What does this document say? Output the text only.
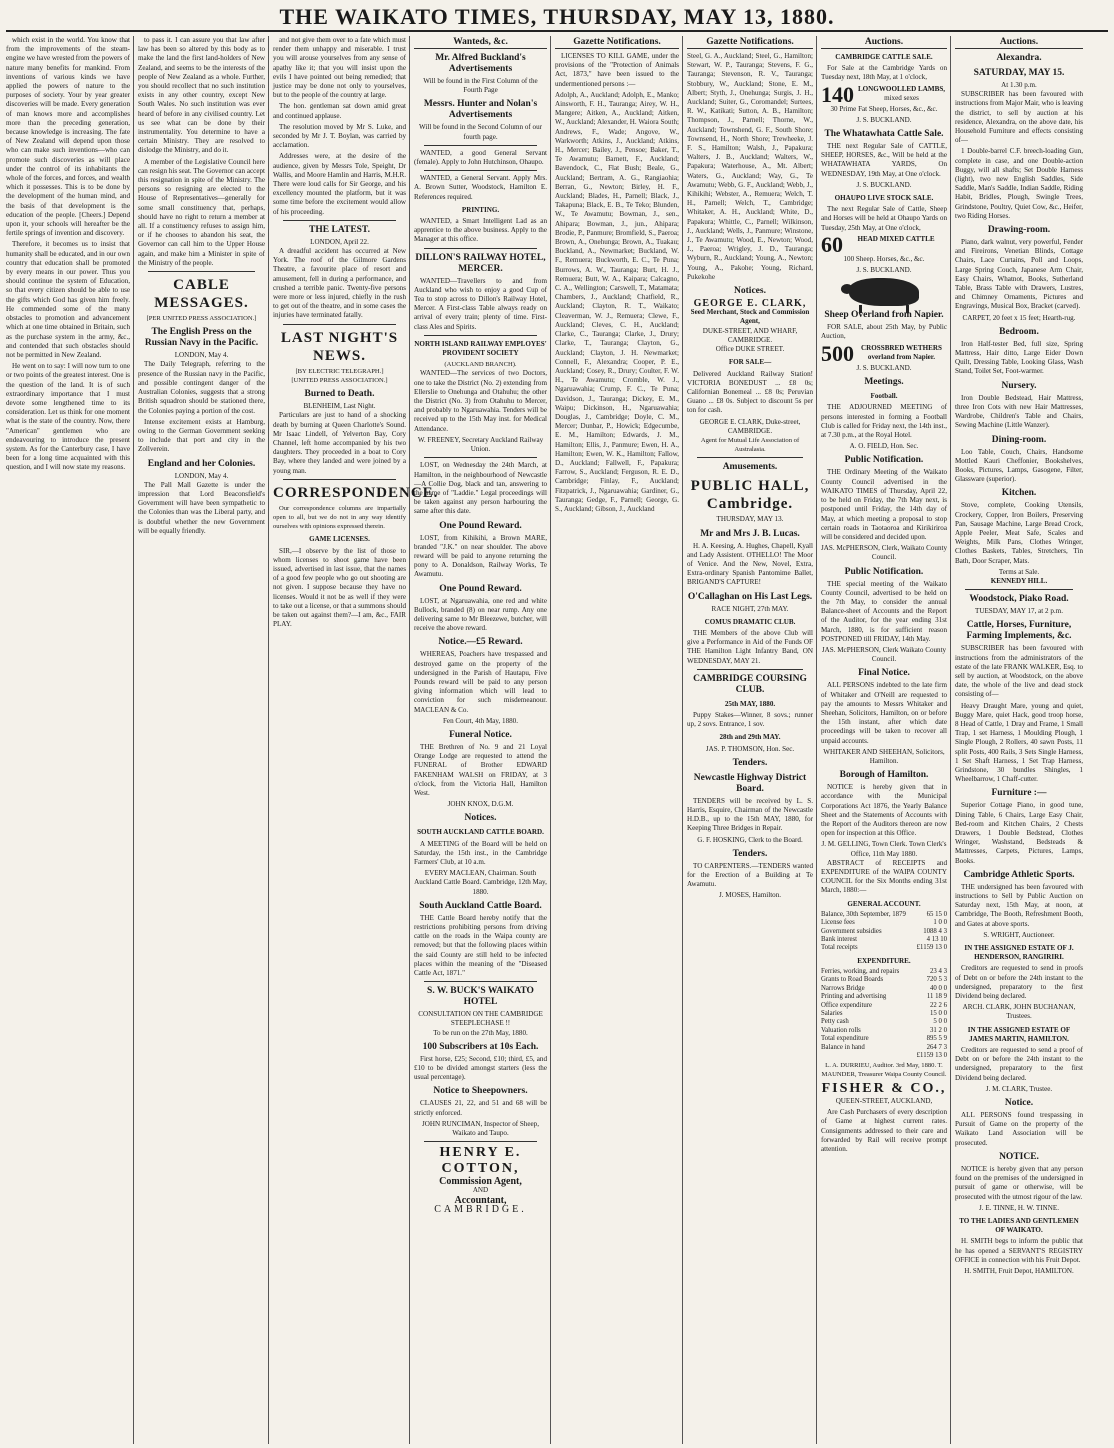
THE WAIKATO TIMES, THURSDAY, MAY 13, 1880.

which exist in the world. You know that from the improvements of the steam-engine we have wrested from the powers of nature many benefits for mankind. From inventions of various kinds we have applied the powers of nature to the purposes of society. Your by year greater discoveries will be made. Every generation of man knows more and accomplishes more than the preceding generation, because knowledge is increasing. The fate of New Zealand will depend upon those who can make such inventions—who can promote such discoveries as will place under the control of its inhabitants the whole of the forces, and forces, and wealth which it possesses. This is to be done by the development of the human mind, and the basis of that development is the education of the people. [Cheers.] Depend upon it, your schools will hereafter be the fertile springs of invention and discovery.

Therefore, it becomes us to insist that humanity shall be educated, and in our own country that education shall be promoted by every means in our power. Thus you should continue the system of Education, so that every citizen should be able to use the gifts which God has given him freely. He commended some of the many obstacles to promotion and advancement which at one time obtained in Britain, such as the purchase system in the army, &c., and contended that such obstacles should not be permitted in New Zealand.

He went on to say: I will now turn to one or two points of the greatest interest. One is the question of the land. It is of such extraordinary importance that I must devote some lengthened time to its consideration. Let us think for one moment what is the state of the country. Now, there "American" gentlemen who are endeavouring to introduce the present system. As for the Canterbury case, I have been for a long time acquainted with this question, and I will now state my reasons.

to pass it. I can assure you that law after law has been so altered by this body as to make the land the first land-holders of New Zealand, and seems to be the interests of the people of New Zealand as a whole. Further, you should recollect that no such institution exists in any other country, except New South Wales. No such institution was ever heard of before in any civilised country. Let us see what can be done by their instrumentality. You determine to have a certain Ministry. They are resolved to dislodge the Ministry, and do it.

A member of the Legislative Council here can resign his seat. The Governor can accept this resignation in spite of the Ministry. The persons so resigning are elected to the House of Representatives—generally for some small constituency that, perhaps, should have no right to return a member at all. If a constituency refuses to assign him, or if he chooses to abandon his seat, the Governor can call him to the Upper House again, and make him a Minister in spite of the Ministry of the people.

CABLE MESSAGES.
[PER UNITED PRESS ASSOCIATION.]
The English Press on the Russian Navy in the Pacific.
LONDON, May 4.

The Daily Telegraph, referring to the presence of the Russian navy in the Pacific, and possible contingent danger of the Australian Colonies, suggests that a strong British squadron should be stationed there, the Colonies paying a portion of the cost.

Intense excitement exists at Hamburg, owing to the German Government seeking to include that port and city in the Zollverein.

England and her Colonies.
LONDON, May 4.

The Pall Mall Gazette is under the impression that Lord Beaconsfield's Government will have been sympathetic to the Colonies than was the Liberal party, and is doubtful whether the new Government will be equally friendly.

and not give them over to a fate which must render them unhappy and miserable. I trust you will arouse yourselves from any sense of apathy like it; that you will insist upon the evils I have pointed out being remedied; that justice may be done not only to yourselves, but to the people of the country at large.

The hon. gentleman sat down amid great and continued applause.

The resolution moved by Mr S. Luke, and seconded by Mr J. T. Boylan, was carried by acclamation.

Addresses were, at the desire of the audience, given by Messrs Tole, Speight, Dr Wallis, and Moore Hamlin and Harris, M.H.R. There were loud calls for Sir George, and his excellency mounted the platform, but it was some time before the excitement would allow of his proceeding.

THE LATEST.
LONDON, April 22.

A dreadful accident has occurred at New York. The roof of the Gilmore Gardens Theatre, a favourite place of resort and amusement, fell in during a performance, and crushed a terrible panic. Twenty-five persons were more or less injured, chiefly in the rush to get out of the theatre, and in some cases the injuries have terminated fatally.

LAST NIGHT'S NEWS.
[BY ELECTRIC TELEGRAPH.]
[UNITED PRESS ASSOCIATION.]
Burned to Death.
BLENHEIM, Last Night.

Particulars are just to hand of a shocking death by burning at Queen Charlotte's Sound. Mr Isaac Lindell, of Yelverton Bay, Cory Channel, left home accompanied by his two daughters. They proceeded in a boat to Cory Bay, where they landed and were joined by a young man.

CORRESPONDENCE.

Our correspondence columns are impartially open to all, but we do not in any way identify ourselves with opinions expressed therein.

GAME LICENSES.

SIR,—I observe by the list of those to whom licenses to shoot game have been issued, advertised in last issue, that the names of a good few people who go out shooting are not given. I suppose because they have no licenses. Would it not be as well if they were to take out a license, or that a summons should be taken out against them?—I am, &c., FAIR PLAY.

Wanteds, &c.
Mr. Alfred Buckland's Advertisements
Will be found in the First Column of the Fourth Page
Messrs. Hunter and Nolan's Advertisements
Will be found in the Second Column of our fourth page.

WANTED, a good General Servant (female). Apply to John Hutchinson, Ohaupo.

WANTED, a General Servant. Apply Mrs. A. Brown Sutter, Woodstock, Hamilton E. References required.

PRINTING.

WANTED, a Smart Intelligent Lad as an apprentice to the above business. Apply to the Manager at this office.

DILLON'S RAILWAY HOTEL, MERCER.

WANTED—Travellers to and from Auckland who wish to enjoy a good Cup of Tea to stop across to Dillon's Railway Hotel, Mercer. A First-class Table always ready on arrival of every train; plenty of time. First-class Ales and Spirits.

NORTH ISLAND RAILWAY EMPLOYES' PROVIDENT SOCIETY
(AUCKLAND BRANCH).

WANTED—The services of two Doctors, one to take the District (No. 2) extending from Ellerslie to Onehunga and Otahuhu; the other the District (No. 3) from Otahuhu to Mercer, and probably to Ngaruawahia. Tenders will be received up to the 15th May inst. for Medical Attendance.

W. FREENEY, Secretary Auckland Railway Union.

LOST, on Wednesday the 24th March, at Hamilton, in the neighbourhood of Newcastle—A Collie Dog, black and tan, answering to the name of "Laddie." Legal proceedings will be taken against any person harbouring the same after this date.

One Pound Reward.

LOST, from Kihikihi, a Brown MARE, branded "J.K." on near shoulder. The above reward will be paid to anyone returning the pony to A. Donaldson, Railway Works, Te Awamutu.

One Pound Reward.

LOST, at Ngaruawahia, one red and white Bullock, branded (8) on near rump. Any one delivering same to Mr Bleezewe, butcher, will receive the above reward.

Notice.—£5 Reward.

WHEREAS, Poachers have trespassed and destroyed game on the property of the undersigned in the Parish of Hautapu, Five Pounds reward will be paid to any person giving information which will lead to conviction for such misdemeanour. MACLEAN & Co.

Fen Court, 4th May, 1880.
Funeral Notice.

THE Brethren of No. 9 and 21 Loyal Orange Lodge are requested to attend the FUNERAL of Brother EDWARD FAKENHAM WALSH on FRIDAY, at 3 o'clock, from the Victoria Hall, Hamilton West.

JOHN KNOX, D.G.M.
Notices.
SOUTH AUCKLAND CATTLE BOARD.

A MEETING of the Board will be held on Saturday, the 15th inst., in the Cambridge Farmers' Club, at 10 a.m.

EVERY MACLEAN, Chairman. South Auckland Cattle Board. Cambridge, 12th May, 1880.
South Auckland Cattle Board.

THE Cattle Board hereby notify that the restrictions prohibiting persons from driving cattle on the roads in the Waipa county are removed; but that the following places within the said County are still held to be infected places within the meaning of the "Diseased Cattle Act, 1871."

S. W. BUCK'S WAIKATO HOTEL
CONSULTATION ON THE CAMBRIDGE STEEPLECHASE !!
To be run on the 27th May, 1880.
100 Subscribers at 10s Each.

First horse, £25; Second, £10; third, £5, and £10 to be divided amongst starters (less the usual percentage).

Notice to Sheepowners.

CLAUSES 21, 22, and 51 and 68 will be strictly enforced.

JOHN RUNCIMAN, Inspector of Sheep, Waikato and Taupo.
HENRY E. COTTON,
Commission Agent,
AND
Accountant,
CAMBRIDGE.
Gazette Notifications.

LICENSES TO KILL GAME, under the provisions of the "Protection of Animals Act, 1873," have been issued to the undermentioned persons :—

Adolph, A., Auckland; Adolph, E., Manko; Ainsworth, F. H., Tauranga; Airey, W. H., Mangere; Aitken, A., Auckland; Aitken, W., Auckland; Alexander, H. Waiora South; Andrews, F., Wade; Angove, W., Warkworth; Atkins, J., Auckland; Atkins, H., Mercer; Bailey, J., Pensoe; Baker, T., Te Awamutu; Barnett, F., Auckland; Bavendock, C., Flat Bush; Beale, G., Auckland; Bertram, A. G., Rangiaohia; Berran, G., Newton; Birley, H. F., Auckland; Blades, H., Parnell; Black, J., Takapuna; Black, E. B., Te Teko; Blunden, W., Te Awamutu; Bowman, J., sen., Ahipara; Bowman, J., jun., Ahipara; Brodie, P., Panmure; Bromfield, S., Paeroa; Brown, A., Onehunga; Brown, A., Tuakau; Buckland, A., Newmarket; Buckland, W. F., Remuera; Buckworth, E. C., Te Puna; Burrows, A. W., Tauranga; Burt, H. J., Remuera; Butt, W. A., Kaipara; Calcagno, C. A., Wellington; Carswell, T., Matamata; Chambers, J., Auckland; Chatfield, R., Auckland; Clayton, R. T., Waikato; Cleaverman, W. J., Remuera; Clewe, F., Auckland; Cleves, C. H., Auckland; Clarke, C., Tauranga; Clarke, J., Drury; Clarke, T., Tauranga; Clayton, G., Auckland; Clayton, J. H. Newmarket; Connell, F., Alexandra; Cooper, P. E., Auckland; Cosey, R., Drury; Coulter, F. W. H., Te Awamutu; Cromble, W. J., Ngaruawahia; Crump, F. C., Te Puna; Davidson, J., Tauranga; Dickey, E. M., Waipu; Dickinson, H., Ngaruawahia; Douglas, J., Cambridge; Doyle, C. M., Mercer; Dunbar, P., Howick; Edgecumbe, E. M., Hamilton; Edwards, J. M., Hamilton; Ellis, J., Panmure; Ewen, H. A., Hamilton; Ewen, W. K., Hamilton; Fallow, D., Auckland; Fallwell, F., Papakura; Farrow, S., Auckland; Ferguson, R. E. D., Cambridge; Finlay, F., Auckland; Fitzpatrick, J., Ngaruawahia; Gardiner, G., Tauranga; Gedge, F., Parnell; George, G. S., Auckland; Gibson, J., Auckland

Gazette Notifications.

Steel, G. A., Auckland; Steel, G., Hamilton; Stewart, W. P., Tauranga; Stevens, F. G., Tauranga; Stevenson, R. V., Tauranga; Stobbury, W., Auckland; Stone, E. M., Albert; Styth, J., Onehunga; Surgis, J. H., Auckland; Suiter, G., Coromandel; Surtees, R. W., Katikati; Sutton, A. B., Hamilton; Thompson, J., Parnell; Thorne, W., Auckland; Townshend, G. F., South Shore; Townsend, H., North Shore; Trewheeke, J. F. S., Hamilton; Walsh, J., Papakura; Walters, J. B., Auckland; Walters, W., Papakura; Waterhouse, A., Mt. Albert; Waters, G., Auckland; Way, G., Te Awamutu; Webb, G. F., Auckland; Webb, J., Kihikihi; Webster, A., Remuera; Welch, T. H., Parnell; Welch, T., Cambridge; Whitaker, A. H., Auckland; White, D., Papakura; Whittle, C., Parnell; Wilkinson, J., Auckland; Wells, J., Panmure; Winstone, J., Te Awamutu; Wood, E., Newton; Wood, J., Paeroa; Wrigley, J. D., Tauranga; Wyburn, R., Auckland; Young, A., Newton; Young, A., Pakohe; Young, Richard, Pukekohe

Notices.
GEORGE E. CLARK,
Seed Merchant, Stock and Commission Agent,
DUKE-STREET, AND WHARF, CAMBRIDGE.
Office DUKE STREET.
FOR SALE—

Delivered Auckland Railway Station! VICTORIA BONEDUST ... £8 0s; Californian Bonemeal ... £8 0s; Peruvian Guano ... £8 0s. Subject to discount 5s per ton for cash.

GEORGE E. CLARK, Duke-street, CAMBRIDGE.
Agent for Mutual Life Association of Australasia.
Amusements.
PUBLIC HALL, Cambridge.
THURSDAY, MAY 13.
Mr and Mrs J. B. Lucas.

H. A. Keesing, A. Hughes, Chapell, Kyall and Lady Assistent. OTHELLO! The Moor of Venice. And the New, Novel, Extra, Extra-ordinary Spanish Pantomime Ballet, BRIGAND'S CAPTURE!

O'Callaghan on His Last Legs.
RACE NIGHT, 27th MAY.
COMUS DRAMATIC CLUB.

THE Members of the above Club will give a Performance in Aid of the Funds OF THE Hamilton Light Infantry Band, ON WEDNESDAY, MAY 21.

CAMBRIDGE COURSING CLUB.
25th MAY, 1880.

Puppy Stakes—Winner, 8 sovs.; runner up, 2 sovs. Entrance, 1 sov.

28th and 29th MAY.
JAS. P. THOMSON, Hon. Sec.
Tenders.
Newcastle Highway District Board.

TENDERS will be received by L. S. Harris, Esquire, Chairman of the Newcastle H.D.B., up to the 15th MAY, 1880, for Keeping Three Bridges in Repair.

G. F. HOSKING, Clerk to the Board.
Tenders.

TO CARPENTERS.—TENDERS wanted for the Erection of a Building at Te Awamutu.

J. MOSES, Hamilton.
Auctions.
CAMBRIDGE CATTLE SALE.

For Sale at the Cambridge Yards on Tuesday next, 18th May, at 1 o'clock,

140 LONGWOOLLED LAMBS,
mixed sexes
30 Prime Fat Sheep, Horses, &c., &c.
J. S. BUCKLAND.
The Whatawhata Cattle Sale.

THE next Regular Sale of CATTLE, SHEEP, HORSES, &c., Will be held at the WHATAWHATA YARDS, On WEDNESDAY, 19th May, at One o'clock.

J. S. BUCKLAND.
OHAUPO LIVE STOCK SALE.

The next Regular Sale of Cattle, Sheep and Horses will be held at Ohaupo Yards on Tuesday, 25th May, at One o'clock,

60	HEAD MIXED CATTLE
100 Sheep. Horses, &c., &c.
J. S. BUCKLAND.
Sheep Overland from Napier.

FOR SALE, about 25th May, by Public Auction,

500 CROSSBRED WETHERS overland from Napier.
J. S. BUCKLAND.
Meetings.
Football.

THE ADJOURNED MEETING of persons interested in forming a Football Club is called for Friday next, the 14th inst., at 7.30 p.m., at the Royal Hotel.

A. O. FIELD, Hon. Sec.
Public Notification.

THE Ordinary Meeting of the Waikato County Council advertised in the WAIKATO TIMES of Thursday, April 22, to be held on Friday, the 7th May next, is postponed until Friday, the 14th day of May, at which meeting a proposal to stop certain roads in Taotaoroa and Kirikiriroa will be considered and decided upon.

JAS. McPHERSON, Clerk, Waikato County Council.
Public Notification.

THE special meeting of the Waikato County Council, advertised to be held on the 7th May, to consider the annual Balance-sheet of Accounts and the Report of the Auditor, for the year ending 31st March, 1880, is for sufficient reason POSTPONED till FRIDAY, 14th May.

JAS. McPHERSON, Clerk Waikato County Council.
Final Notice.

ALL PERSONS indebted to the late firm of Whitaker and O'Neill are requested to pay the amounts to Messrs Whitaker and Sheehan, Solicitors, Hamilton, on or before the 15th instant, after which date proceedings will be taken to recover all unpaid accounts.

WHITAKER AND SHEEHAN, Solicitors, Hamilton.
Borough of Hamilton.

NOTICE is hereby given that in accordance with the Municipal Corporations Act 1876, the Yearly Balance Sheet and the Statements of Accounts with the Report of the Auditors thereon are now open for inspection at this Office.

J. M. GELLING, Town Clerk. Town Clerk's Office, 11th May 1880.

ABSTRACT of RECEIPTS and EXPENDITURE of the WAIPA COUNTY COUNCIL for the Six Months ending 31st March, 1880:—

GENERAL ACCOUNT.
Balance, 30th September, 1879	65 15 0
License fees	1 0 0
Government subsidies	1088 4 3
Bank interest	4 13 10
Total receipts	£1159 13 0
EXPENDITURE.
Ferries, working, and repairs	23 4 3
Grants to Road Boards	720 5 3
Narrows Bridge	40 0 0
Printing and advertising	11 18 9
Office expenditure	22 2 6
Salaries	15 0 0
Petty cash	5 0 0
Valuation rolls	31 2 0
Total expenditure	895 5 9
Balance in hand	264 7 3
	£1159 13 0
L. A. DURRIEU, Auditor. 3rd May, 1880. T. MAUNDER, Treasurer Waipa County Council.
FISHER & CO.,
QUEEN-STREET, AUCKLAND,

Are Cash Purchasers of every description of Game at highest current rates. Consignments addressed to their care and forwarded by Rail will receive prompt attention.

Auctions.
Alexandra.
SATURDAY, MAY 15.
At 1.30 p.m.

SUBSCRIBER has been favoured with instructions from Major Mair, who is leaving the district, to sell by auction at his residence, Alexandra, on the above date, his Household Furniture and effects consisting of—

1 Double-barrel C.F. breech-loading Gun, complete in case, and one Double-action Buggy, will all shafts; Set Double Harness (light), two new English Saddles, Side Saddle, Man's Saddle, Indian Saddle, Riding Habit, Bridles, Plough, Swingle Trees, Grindstone, Poultry, Quiet Cow, &c., Heifer, two Riding Horses.

Drawing-room.

Piano, dark walnut, very powerful, Fender and Fireirons, Venetian Blinds, Cottage Chairs, Lace Curtains, Poll and Loops, Large Spring Couch, Japanese Arm Chair, Easy Chairs, Whatnot, Books, Sutherland Table, Brass Table with Drawers, Lustres, and Chimney Ornaments, Pictures and Engravings, Musical Box, Bracket (carved).

CARPET, 20 feet x 15 feet; Hearth-rug.
Bedroom.

Iron Half-tester Bed, full size, Spring Mattress, Hair ditto, Large Eider Down Quilt, Dressing Table, Looking Glass, Wash Stand, Toilet Set, Foot-warmer.

Nursery.

Iron Double Bedstead, Hair Mattress, three Iron Cots with new Hair Mattresses, Wardrobe, Children's Table and Chairs, Sewing Machine (Little Wanzer).

Dining-room.

Loo Table, Couch, Chairs, Handsome Mottled Kauri Cheffonier, Bookshelves, Books, Pictures, Lamps, Gasogene, Filter, Glassware (superior).

Kitchen.

Stove, complete, Cooking Utensils, Crockery, Copper, Iron Boilers, Preserving Pan, Sausage Machine, Large Bread Crock, Apple Peeler, Meat Safe, Scales and Weights, Milk Pans, Clothes Wringer, Clothes Baskets, Tables, Stretchers, Tin Bath, Door Scraper, Mats.

Terms at Sale.
KENNEDY HILL.
Woodstock, Piako Road.
TUESDAY, MAY 17, at 2 p.m.
Cattle, Horses, Furniture, Farming Implements, &c.

SUBSCRIBER has been favoured with instructions from the administrators of the estate of the late FRANK WALKER, Esq. to sell by auction, at Woodstock, on the above date, the whole of the live and dead stock consisting of—

Heavy Draught Mare, young and quiet, Buggy Mare, quiet Hack, good troop horse, 8 Head of Cattle, 1 Dray and Frame, 1 Small Trap, 1 set Harness, 1 Moulding Plough, 1 Single Plough, 2 Rollers, 40 sawn Posts, 11 split Posts, 400 Rails, 3 Sets Single Harness, 1 Set Shaft Harness, 1 Set Trap Harness, Grindstone, 30 bundles Shingles, 1 Wheelbarrow, 1 Chaff-cutter.

Furniture :—

Superior Cottage Piano, in good tune, Dining Table, 6 Chairs, Large Easy Chair, Bed-room and Kitchen Chairs, 2 Chests Drawers, 1 Double Bedstead, Clothes Wringer, Washstand, Bedsteads & Mattresses, Carpets, Pictures, Lamps, Books.

Cambridge Athletic Sports.

THE undersigned has been favoured with instructions to Sell by Public Auction on Saturday next, 15th May, at noon, at Cambridge, The Booth, Refreshment Booth, and Gates at above sports.

S. WRIGHT, Auctioneer.
IN THE ASSIGNED ESTATE OF J. HENDERSON, RANGIRIRI.

Creditors are requested to send in proofs of Debt on or before the 24th instant to the undersigned, preparatory to the first Dividend being declared.

ARCH. CLARK, JOHN BUCHANAN, Trustees.
IN THE ASSIGNED ESTATE OF JAMES MARTIN, HAMILTON.

Creditors are requested to send a proof of Debt on or before the 24th instant to the undersigned, preparatory to the first Dividend being declared.

J. M. CLARK, Trustee.
Notice.

ALL PERSONS found trespassing in Pursuit of Game on the property of the Waikato Land Association will be prosecuted.

NOTICE.

NOTICE is hereby given that any person found on the premises of the undersigned in pursuit of game or otherwise, will be prosecuted with the utmost rigour of the law.

J. E. TINNE, H. W. TINNE.
TO THE LADIES AND GENTLEMEN OF WAIKATO.

H. SMITH begs to inform the public that he has opened a SERVANT'S REGISTRY OFFICE in connection with his Fruit Depot.

H. SMITH, Fruit Depot, HAMILTON.
